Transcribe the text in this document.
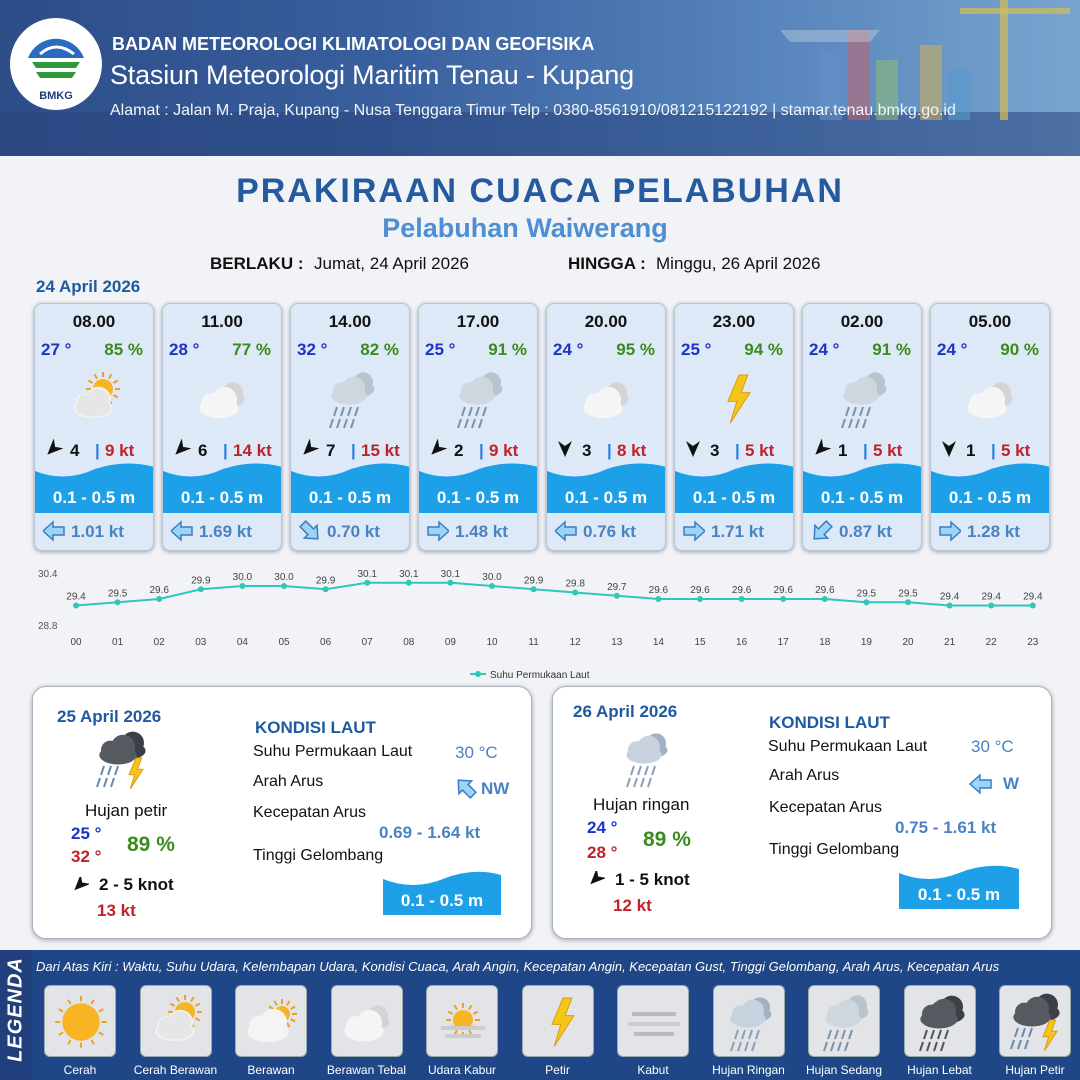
BMKG
BADAN METEOROLOGI KLIMATOLOGI DAN GEOFISIKA
Stasiun Meteorologi Maritim Tenau - Kupang
Alamat : Jalan M. Praja, Kupang - Nusa Tenggara Timur Telp : 0380-8561910/081215122192 | stamar.tenau.bmkg.go.id
PRAKIRAAN CUACA PELABUHAN
Pelabuhan Waiwerang
BERLAKU : Jumat, 24 April 2026	HINGGA : Minggu, 26 April 2026
24 April 2026
08.00
27 ° 85 %
4 | 9 kt
0.1 - 0.5 m
1.01 kt
11.00
28 ° 77 %
6 | 14 kt
0.1 - 0.5 m
1.69 kt
14.00
32 ° 82 %
7 | 15 kt
0.1 - 0.5 m
0.70 kt
17.00
25 ° 91 %
2 | 9 kt
0.1 - 0.5 m
1.48 kt
20.00
24 ° 95 %
3 | 8 kt
0.1 - 0.5 m
0.76 kt
23.00
25 ° 94 %
3 | 5 kt
0.1 - 0.5 m
1.71 kt
02.00
24 ° 91 %
1 | 5 kt
0.1 - 0.5 m
0.87 kt
05.00
24 ° 90 %
1 | 5 kt
0.1 - 0.5 m
1.28 kt
30.4
28.8
29.4
00
29.5
01
29.6
02
29.9
03
30.0
04
30.0
05
29.9
06
30.1
07
30.1
08
30.1
09
30.0
10
29.9
11
29.8
12
29.7
13
29.6
14
29.6
15
29.6
16
29.6
17
29.6
18
29.5
19
29.5
20
29.4
21
29.4
22
29.4
23
Suhu Permukaan Laut
25 April 2026
Hujan petir
25 °
32 °
89 %
2 - 5 knot
13 kt
KONDISI LAUT
Suhu Permukaan Laut	30 °C
Arah Arus	NW
Kecepatan Arus
0.69 - 1.64 kt
Tinggi Gelombang
0.1 - 0.5 m
26 April 2026
Hujan ringan
24 °
28 °
89 %
1 - 5 knot
12 kt
KONDISI LAUT
Suhu Permukaan Laut	30 °C
Arah Arus	W
Kecepatan Arus
0.75 - 1.61 kt
Tinggi Gelombang
0.1 - 0.5 m
LEGENDA Dari Atas Kiri : Waktu, Suhu Udara, Kelembapan Udara, Kondisi Cuaca, Arah Angin, Kecepatan Angin, Kecepatan Gust, Tinggi Gelombang, Arah Arus, Kecepatan Arus
Cerah	Cerah Berawan	Berawan	Berawan Tebal	Udara Kabur	Petir	Kabut	Hujan Ringan	Hujan Sedang	Hujan Lebat	Hujan Petir
